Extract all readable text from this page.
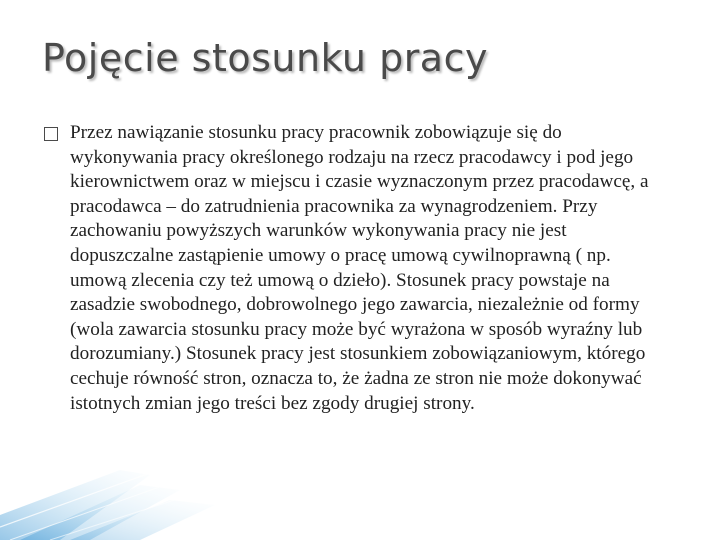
Pojęcie stosunku pracy

Przez nawiązanie stosunku pracy pracownik zobowiązuje się do wykonywania pracy określonego rodzaju na rzecz pracodawcy i pod jego kierownictwem oraz w miejscu i czasie wyznaczonym przez pracodawcę, a pracodawca – do zatrudnienia pracownika za wynagrodzeniem. Przy zachowaniu powyższych warunków wykonywania pracy nie jest dopuszczalne zastąpienie umowy o pracę umową cywilnoprawną ( np. umową zlecenia czy też umową o dzieło). Stosunek pracy powstaje na zasadzie swobodnego, dobrowolnego jego zawarcia, niezależnie od formy (wola zawarcia stosunku pracy może być wyrażona w sposób wyraźny lub dorozumiany.) Stosunek pracy jest stosunkiem zobowiązaniowym, którego cechuje równość stron, oznacza to, że żadna ze stron nie może dokonywać istotnych zmian jego treści bez zgody drugiej strony.
